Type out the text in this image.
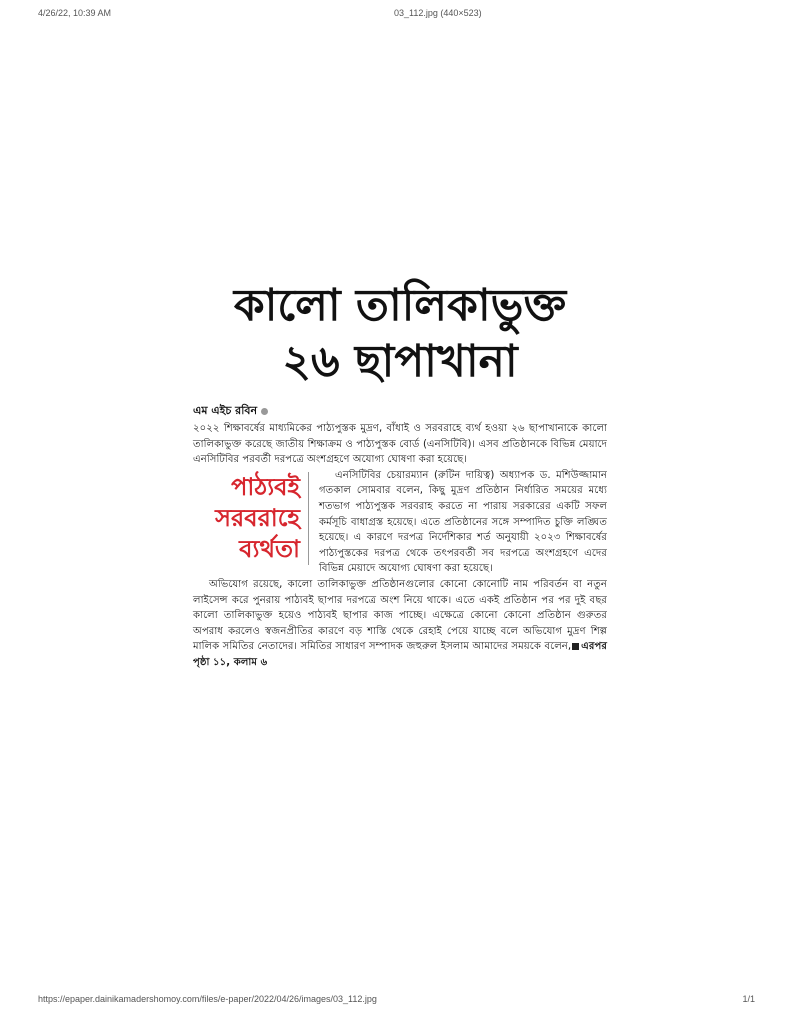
4/26/22, 10:39 AM	03_112.jpg (440×523)
কালো তালিকাভুক্ত
২৬ ছাপাখানা
এম এইচ রবিন

২০২২ শিক্ষাবর্ষের মাধ্যমিকের পাঠ্যপুস্তক মুদ্রণ, বাঁধাই ও সরবরাহে ব্যর্থ হওয়া ২৬ ছাপাখানাকে কালো তালিকাভুক্ত করেছে জাতীয় শিক্ষাক্রম ও পাঠ্যপুস্তক বোর্ড (এনসিটিবি)। এসব প্রতিষ্ঠানকে বিভিন্ন মেয়াদে এনসিটিবির পরবর্তী দরপত্রে অংশগ্রহণে অযোগ্য ঘোষণা করা হয়েছে।

পাঠ্যবই
সরবরাহে
ব্যর্থতা

এনসিটিবির চেয়ারম্যান (রুটিন দায়িত্ব) অধ্যাপক ড. মশিউজ্জামান গতকাল সোমবার বলেন, কিছু মুদ্রণ প্রতিষ্ঠান নির্ধারিত সময়ের মধ্যে শতভাগ পাঠ্যপুস্তক সরবরাহ করতে না পারায় সরকারের একটি সফল কর্মসূচি বাধাগ্রস্ত হয়েছে। এতে প্রতিষ্ঠানের সঙ্গে সম্পাদিত চুক্তি লঙ্ঘিত হয়েছে। এ কারণে দরপত্র নির্দেশিকার শর্ত অনুযায়ী ২০২৩ শিক্ষাবর্ষের পাঠ্যপুস্তকের দরপত্র থেকে তৎপরবর্তী সব দরপত্রে অংশগ্রহণে এদের বিভিন্ন মেয়াদে অযোগ্য ঘোষণা করা হয়েছে।

অভিযোগ রয়েছে, কালো তালিকাভুক্ত প্রতিষ্ঠানগুলোর কোনো কোনোটি নাম পরিবর্তন বা নতুন লাইসেন্স করে পুনরায় পাঠ্যবই ছাপার দরপত্রে অংশ নিয়ে থাকে। এতে একই প্রতিষ্ঠান পর পর দুই বছর কালো তালিকাভুক্ত হয়েও পাঠ্যবই ছাপার কাজ পাচ্ছে। এক্ষেত্রে কোনো কোনো প্রতিষ্ঠান গুরুতর অপরাধ করলেও স্বজনপ্রীতির কারণে বড় শাস্তি থেকে রেহাই পেয়ে যাচ্ছে বলে অভিযোগ মুদ্রণ শিল্প মালিক সমিতির নেতাদের। সমিতির সাধারণ সম্পাদক জহুরুল ইসলাম আমাদের সময়কে বলেন, এরপর পৃষ্ঠা ১১, কলাম ৬

https://epaper.dainikamadershomoy.com/files/e-paper/2022/04/26/images/03_112.jpg	1/1
